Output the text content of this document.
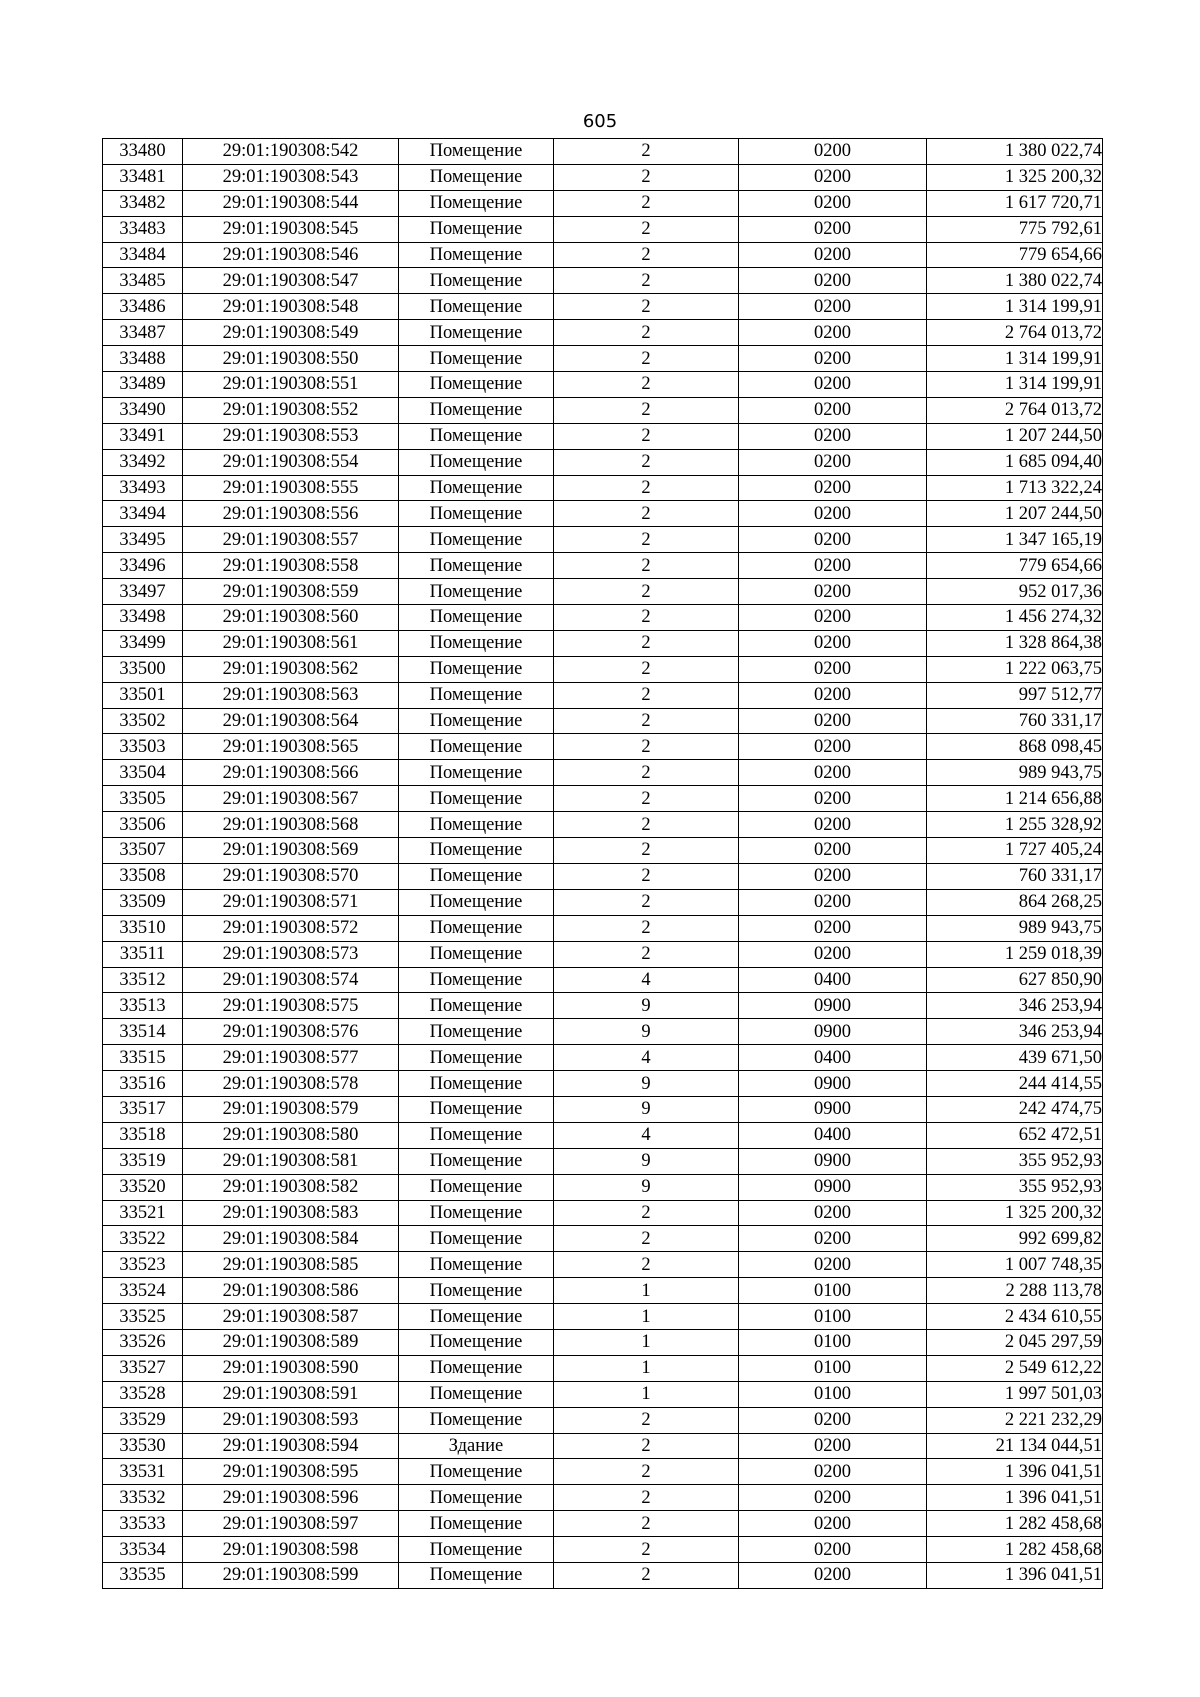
605
33480	29:01:190308:542	Помещение	2	0200	1 380 022,74
33481	29:01:190308:543	Помещение	2	0200	1 325 200,32
33482	29:01:190308:544	Помещение	2	0200	1 617 720,71
33483	29:01:190308:545	Помещение	2	0200	775 792,61
33484	29:01:190308:546	Помещение	2	0200	779 654,66
33485	29:01:190308:547	Помещение	2	0200	1 380 022,74
33486	29:01:190308:548	Помещение	2	0200	1 314 199,91
33487	29:01:190308:549	Помещение	2	0200	2 764 013,72
33488	29:01:190308:550	Помещение	2	0200	1 314 199,91
33489	29:01:190308:551	Помещение	2	0200	1 314 199,91
33490	29:01:190308:552	Помещение	2	0200	2 764 013,72
33491	29:01:190308:553	Помещение	2	0200	1 207 244,50
33492	29:01:190308:554	Помещение	2	0200	1 685 094,40
33493	29:01:190308:555	Помещение	2	0200	1 713 322,24
33494	29:01:190308:556	Помещение	2	0200	1 207 244,50
33495	29:01:190308:557	Помещение	2	0200	1 347 165,19
33496	29:01:190308:558	Помещение	2	0200	779 654,66
33497	29:01:190308:559	Помещение	2	0200	952 017,36
33498	29:01:190308:560	Помещение	2	0200	1 456 274,32
33499	29:01:190308:561	Помещение	2	0200	1 328 864,38
33500	29:01:190308:562	Помещение	2	0200	1 222 063,75
33501	29:01:190308:563	Помещение	2	0200	997 512,77
33502	29:01:190308:564	Помещение	2	0200	760 331,17
33503	29:01:190308:565	Помещение	2	0200	868 098,45
33504	29:01:190308:566	Помещение	2	0200	989 943,75
33505	29:01:190308:567	Помещение	2	0200	1 214 656,88
33506	29:01:190308:568	Помещение	2	0200	1 255 328,92
33507	29:01:190308:569	Помещение	2	0200	1 727 405,24
33508	29:01:190308:570	Помещение	2	0200	760 331,17
33509	29:01:190308:571	Помещение	2	0200	864 268,25
33510	29:01:190308:572	Помещение	2	0200	989 943,75
33511	29:01:190308:573	Помещение	2	0200	1 259 018,39
33512	29:01:190308:574	Помещение	4	0400	627 850,90
33513	29:01:190308:575	Помещение	9	0900	346 253,94
33514	29:01:190308:576	Помещение	9	0900	346 253,94
33515	29:01:190308:577	Помещение	4	0400	439 671,50
33516	29:01:190308:578	Помещение	9	0900	244 414,55
33517	29:01:190308:579	Помещение	9	0900	242 474,75
33518	29:01:190308:580	Помещение	4	0400	652 472,51
33519	29:01:190308:581	Помещение	9	0900	355 952,93
33520	29:01:190308:582	Помещение	9	0900	355 952,93
33521	29:01:190308:583	Помещение	2	0200	1 325 200,32
33522	29:01:190308:584	Помещение	2	0200	992 699,82
33523	29:01:190308:585	Помещение	2	0200	1 007 748,35
33524	29:01:190308:586	Помещение	1	0100	2 288 113,78
33525	29:01:190308:587	Помещение	1	0100	2 434 610,55
33526	29:01:190308:589	Помещение	1	0100	2 045 297,59
33527	29:01:190308:590	Помещение	1	0100	2 549 612,22
33528	29:01:190308:591	Помещение	1	0100	1 997 501,03
33529	29:01:190308:593	Помещение	2	0200	2 221 232,29
33530	29:01:190308:594	Здание	2	0200	21 134 044,51
33531	29:01:190308:595	Помещение	2	0200	1 396 041,51
33532	29:01:190308:596	Помещение	2	0200	1 396 041,51
33533	29:01:190308:597	Помещение	2	0200	1 282 458,68
33534	29:01:190308:598	Помещение	2	0200	1 282 458,68
33535	29:01:190308:599	Помещение	2	0200	1 396 041,51
